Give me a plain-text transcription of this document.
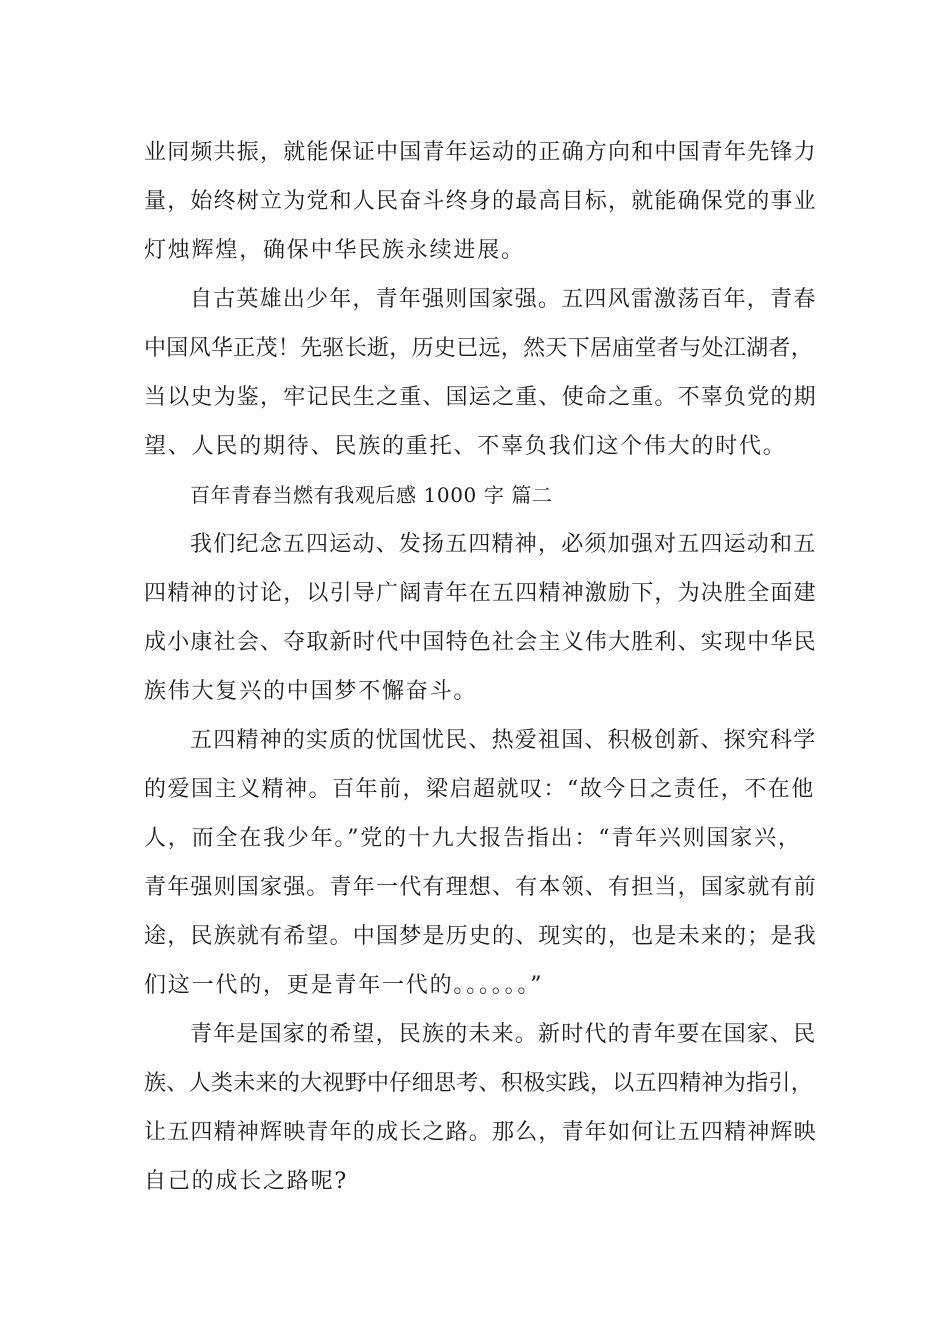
业同频共振，就能保证中国青年运动的正确方向和中国青年先锋力
量，始终树立为党和人民奋斗终身的最高目标，就能确保党的事业
灯烛辉煌，确保中华民族永续进展。
自古英雄出少年，青年强则国家强。五四风雷激荡百年，青春
中国风华正茂！先驱长逝，历史已远，然天下居庙堂者与处江湖者，
当以史为鉴，牢记民生之重、国运之重、使命之重。不辜负党的期
望、人民的期待、民族的重托、不辜负我们这个伟大的时代。
百年青春当燃有我观后感 1000 字 篇二
我们纪念五四运动、发扬五四精神，必须加强对五四运动和五
四精神的讨论，以引导广阔青年在五四精神激励下，为决胜全面建
成小康社会、夺取新时代中国特色社会主义伟大胜利、实现中华民
族伟大复兴的中国梦不懈奋斗。
五四精神的实质的忧国忧民、热爱祖国、积极创新、探究科学
的爱国主义精神。百年前，梁启超就叹：“故今日之责任，不在他
人，而全在我少年。”党的十九大报告指出：“青年兴则国家兴，
青年强则国家强。青年一代有理想、有本领、有担当，国家就有前
途，民族就有希望。中国梦是历史的、现实的，也是未来的；是我
们这一代的，更是青年一代的。。。。。。”
青年是国家的希望，民族的未来。新时代的青年要在国家、民
族、人类未来的大视野中仔细思考、积极实践，以五四精神为指引，
让五四精神辉映青年的成长之路。那么，青年如何让五四精神辉映
自己的成长之路呢?
